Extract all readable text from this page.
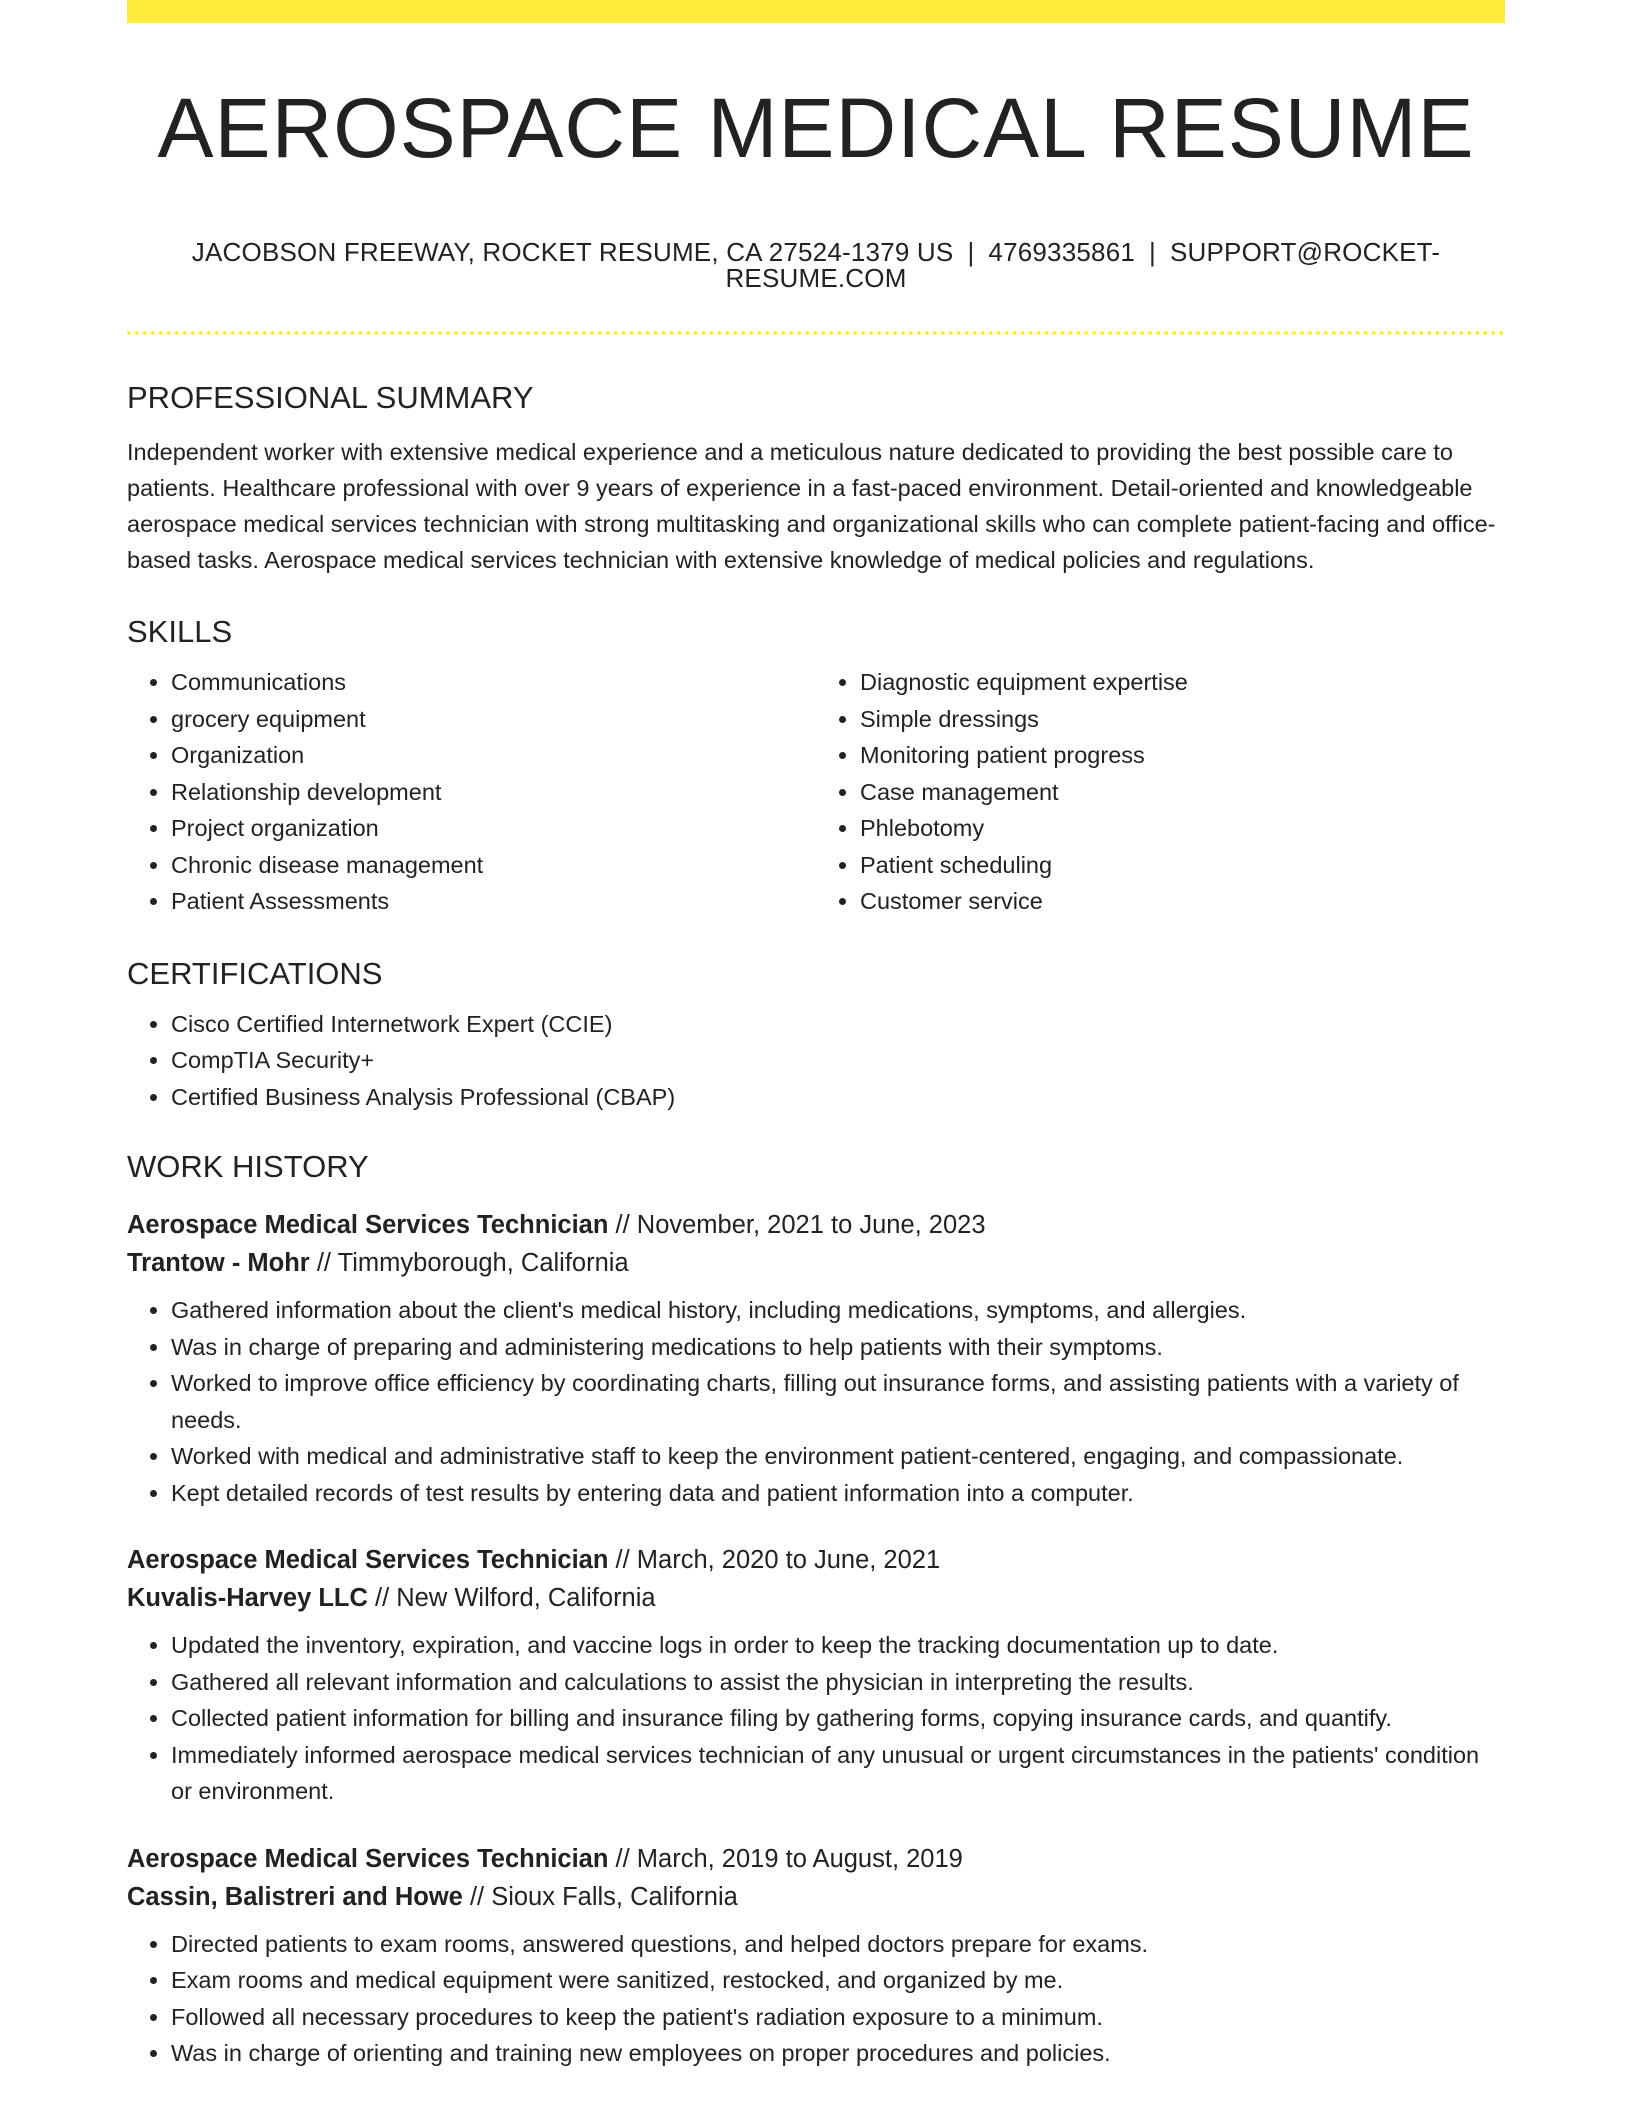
AEROSPACE MEDICAL RESUME
JACOBSON FREEWAY, ROCKET RESUME, CA 27524-1379 US | 4769335861 | SUPPORT@ROCKET-RESUME.COM
PROFESSIONAL SUMMARY

Independent worker with extensive medical experience and a meticulous nature dedicated to providing the best possible care to patients. Healthcare professional with over 9 years of experience in a fast-paced environment. Detail-oriented and knowledgeable aerospace medical services technician with strong multitasking and organizational skills who can complete patient-facing and office-based tasks. Aerospace medical services technician with extensive knowledge of medical policies and regulations.

SKILLS
• Communications
• grocery equipment
• Organization
• Relationship development
• Project organization
• Chronic disease management
• Patient Assessments
• Diagnostic equipment expertise
• Simple dressings
• Monitoring patient progress
• Case management
• Phlebotomy
• Patient scheduling
• Customer service
CERTIFICATIONS
• Cisco Certified Internetwork Expert (CCIE)
• CompTIA Security+
• Certified Business Analysis Professional (CBAP)
WORK HISTORY
Aerospace Medical Services Technician // November, 2021 to June, 2023
Trantow - Mohr // Timmyborough, California
• Gathered information about the client's medical history, including medications, symptoms, and allergies.
• Was in charge of preparing and administering medications to help patients with their symptoms.
• Worked to improve office efficiency by coordinating charts, filling out insurance forms, and assisting patients with a variety of needs.
• Worked with medical and administrative staff to keep the environment patient-centered, engaging, and compassionate.
• Kept detailed records of test results by entering data and patient information into a computer.
Aerospace Medical Services Technician // March, 2020 to June, 2021
Kuvalis-Harvey LLC // New Wilford, California
• Updated the inventory, expiration, and vaccine logs in order to keep the tracking documentation up to date.
• Gathered all relevant information and calculations to assist the physician in interpreting the results.
• Collected patient information for billing and insurance filing by gathering forms, copying insurance cards, and quantify.
• Immediately informed aerospace medical services technician of any unusual or urgent circumstances in the patients' condition or environment.
Aerospace Medical Services Technician // March, 2019 to August, 2019
Cassin, Balistreri and Howe // Sioux Falls, California
• Directed patients to exam rooms, answered questions, and helped doctors prepare for exams.
• Exam rooms and medical equipment were sanitized, restocked, and organized by me.
• Followed all necessary procedures to keep the patient's radiation exposure to a minimum.
• Was in charge of orienting and training new employees on proper procedures and policies.
